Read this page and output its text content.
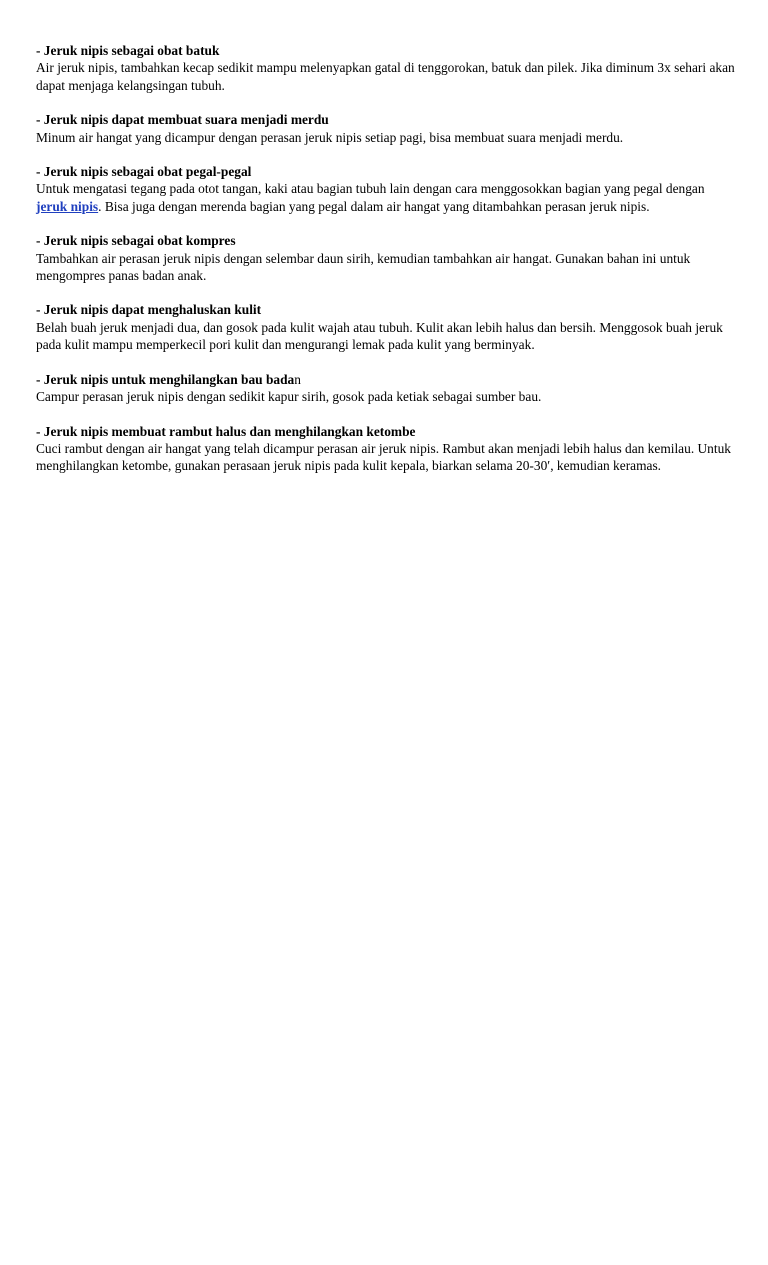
- Jeruk nipis sebagai obat batuk
Air jeruk nipis, tambahkan kecap sedikit mampu melenyapkan gatal di tenggorokan, batuk dan pilek. Jika diminum 3x sehari akan dapat menjaga kelangsingan tubuh.
- Jeruk nipis dapat membuat suara menjadi merdu
Minum air hangat yang dicampur dengan perasan jeruk nipis setiap pagi, bisa membuat suara menjadi merdu.
- Jeruk nipis sebagai obat pegal-pegal
Untuk mengatasi tegang pada otot tangan, kaki atau bagian tubuh lain dengan cara menggosokkan bagian yang pegal dengan jeruk nipis. Bisa juga dengan merenda bagian yang pegal dalam air hangat yang ditambahkan perasan jeruk nipis.
- Jeruk nipis sebagai obat kompres
Tambahkan air perasan jeruk nipis dengan selembar daun sirih, kemudian tambahkan air hangat. Gunakan bahan ini untuk mengompres panas badan anak.
- Jeruk nipis dapat menghaluskan kulit
Belah buah jeruk menjadi dua, dan gosok pada kulit wajah atau tubuh. Kulit akan lebih halus dan bersih. Menggosok buah jeruk pada kulit mampu memperkecil pori kulit dan mengurangi lemak pada kulit yang berminyak.
- Jeruk nipis untuk menghilangkan bau badan
Campur perasan jeruk nipis dengan sedikit kapur sirih, gosok pada ketiak sebagai sumber bau.
- Jeruk nipis membuat rambut halus dan menghilangkan ketombe
Cuci rambut dengan air hangat yang telah dicampur perasan air jeruk nipis. Rambut akan menjadi lebih halus dan kemilau. Untuk menghilangkan ketombe, gunakan perasaan jeruk nipis pada kulit kepala, biarkan selama 20-30′, kemudian keramas.
